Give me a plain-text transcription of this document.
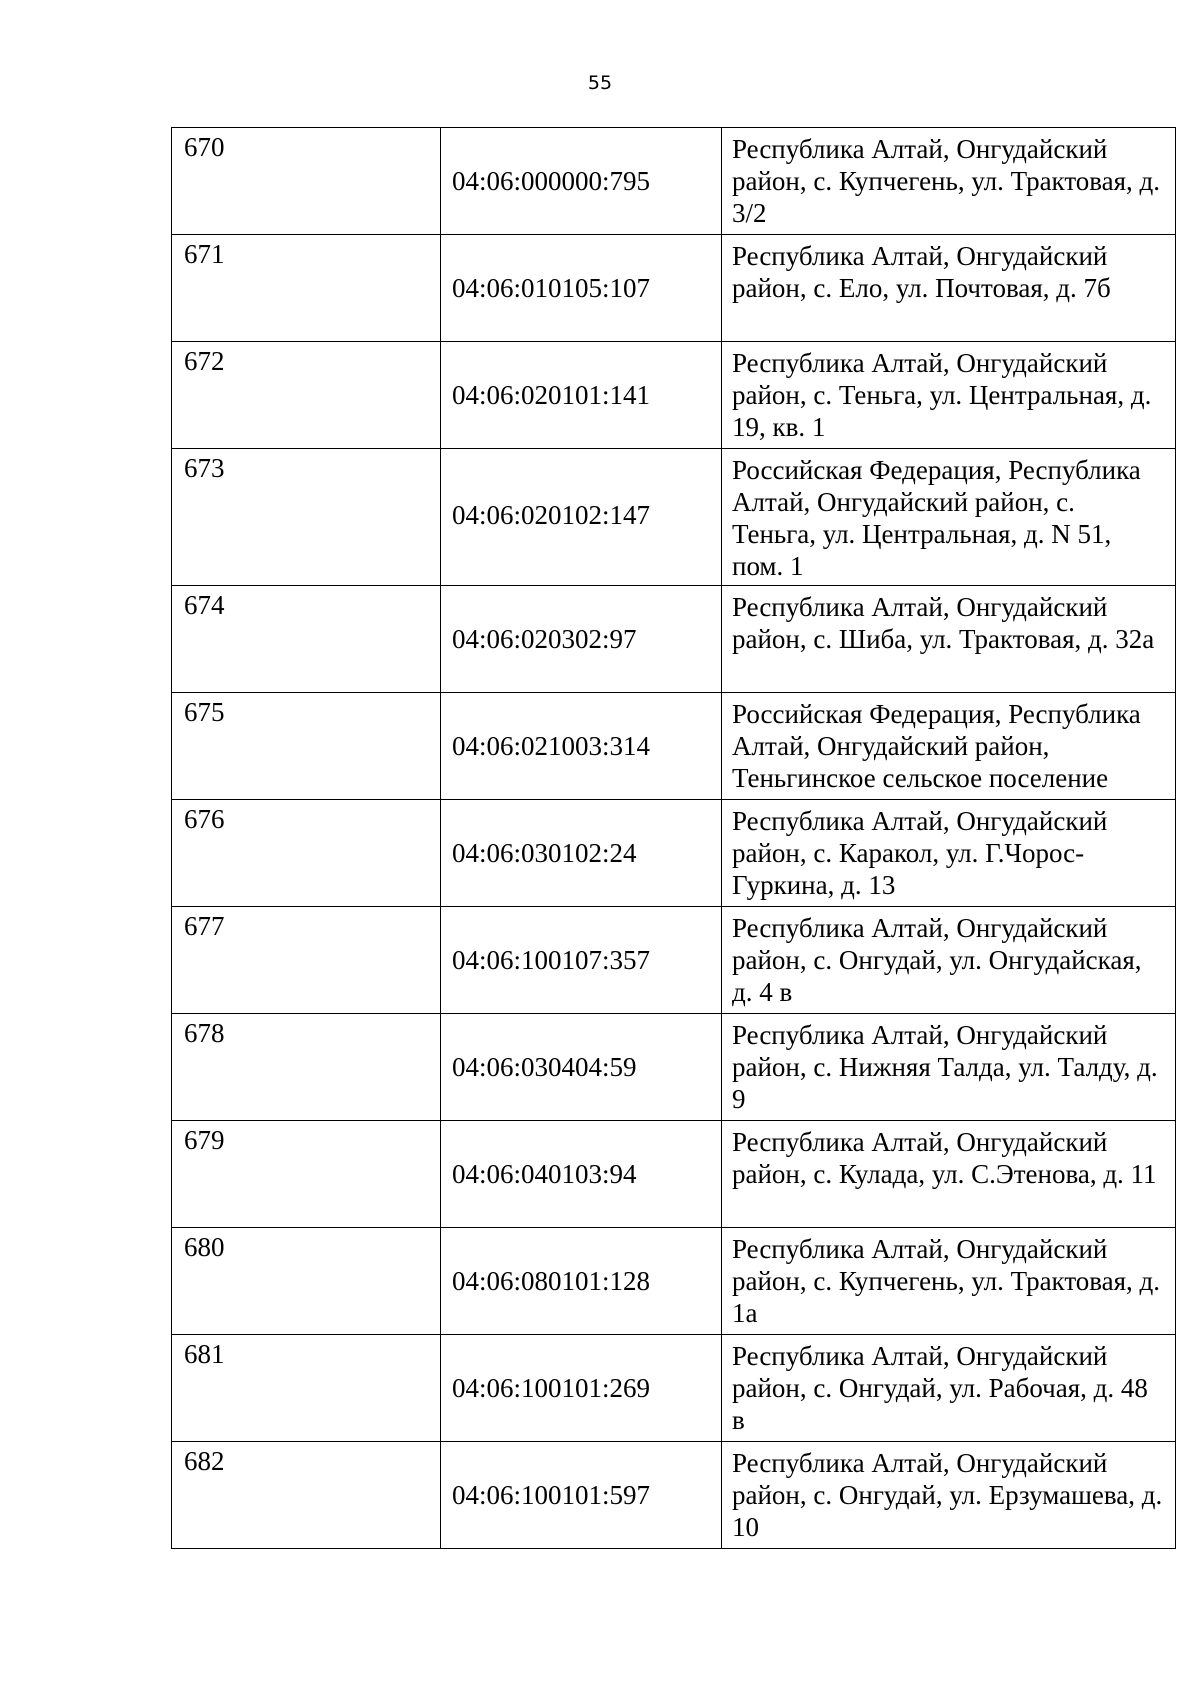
55
670	04:06:000000:795	Республика Алтай, Онгудайский район, с. Купчегень, ул. Трактовая, д. 3/2
671	04:06:010105:107	Республика Алтай, Онгудайский район, с. Ело, ул. Почтовая, д. 7б
672	04:06:020101:141	Республика Алтай, Онгудайский район, с. Теньга, ул. Центральная, д. 19, кв. 1
673	04:06:020102:147	Российская Федерация, Республика Алтай, Онгудайский район, с. Теньга, ул. Центральная, д. N 51, пом. 1
674	04:06:020302:97	Республика Алтай, Онгудайский район, с. Шиба, ул. Трактовая, д. 32а
675	04:06:021003:314	Российская Федерация, Республика Алтай, Онгудайский район, Теньгинское сельское поселение
676	04:06:030102:24	Республика Алтай, Онгудайский район, с. Каракол, ул. Г.Чорос-Гуркина, д. 13
677	04:06:100107:357	Республика Алтай, Онгудайский район, с. Онгудай, ул. Онгудайская, д. 4 в
678	04:06:030404:59	Республика Алтай, Онгудайский район, с. Нижняя Талда, ул. Талду, д. 9
679	04:06:040103:94	Республика Алтай, Онгудайский район, с. Кулада, ул. С.Этенова, д. 11
680	04:06:080101:128	Республика Алтай, Онгудайский район, с. Купчегень, ул. Трактовая, д. 1а
681	04:06:100101:269	Республика Алтай, Онгудайский район, с. Онгудай, ул. Рабочая, д. 48 в
682	04:06:100101:597	Республика Алтай, Онгудайский район, с. Онгудай, ул. Ерзумашева, д. 10
